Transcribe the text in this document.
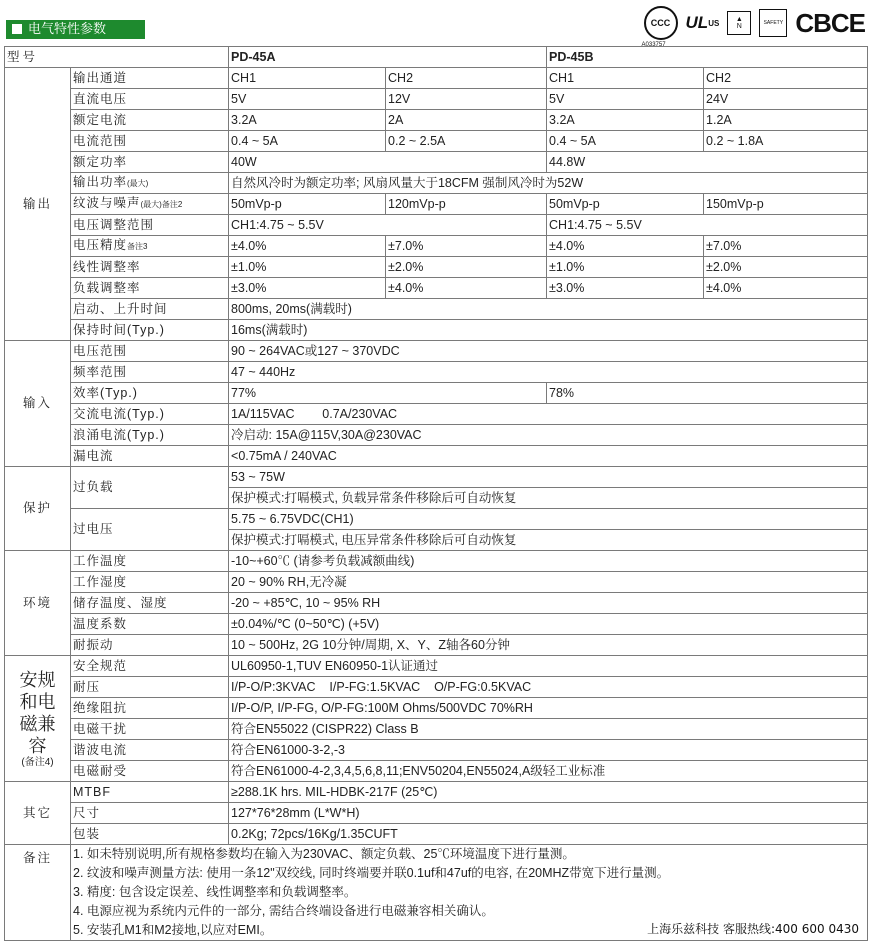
电气特性参数	CCC
A033757
UL US ▲
N	SAFETY CBCE
型号		PD-45A		PD-45B	
输出	输出通道	CH1	CH2	CH1	CH2
	直流电压	5V	12V	5V	24V
	额定电流	3.2A	2A	3.2A	1.2A
	电流范围	0.4 ~ 5A	0.2 ~ 2.5A	0.4 ~ 5A	0.2 ~ 1.8A
	额定功率	40W		44.8W	
	输出功率(最大)	自然风冷时为额定功率; 风扇风量大于18CFM 强制风冷时为52W			
	纹波与噪声(最大)备注2	50mVp-p	120mVp-p	50mVp-p	150mVp-p
	电压调整范围	CH1:4.75 ~ 5.5V		CH1:4.75 ~ 5.5V	
	电压精度备注3	±4.0%	±7.0%	±4.0%	±7.0%
	线性调整率	±1.0%	±2.0%	±1.0%	±2.0%
	负载调整率	±3.0%	±4.0%	±3.0%	±4.0%
	启动、上升时间	800ms, 20ms(满载时)			
	保持时间(Typ.)	16ms(满载时)			
输入	电压范围	90 ~ 264VAC或127 ~ 370VDC			
	频率范围	47 ~ 440Hz			
	效率(Typ.)	77%		78%	
	交流电流(Typ.)	1A/115VAC        0.7A/230VAC			
	浪涌电流(Typ.)	冷启动: 15A@115V,30A@230VAC			
	漏电流	<0.75mA / 240VAC			
保护	过负载	53 ~ 75W			
		保护模式:打嗝模式, 负载异常条件移除后可自动恢复			
	过电压	5.75 ~ 6.75VDC(CH1)			
		保护模式:打嗝模式, 电压异常条件移除后可自动恢复			
环境	工作温度	-10~+60℃ (请参考负载减额曲线)			
	工作湿度	20 ~ 90% RH,无冷凝			
	储存温度、湿度	-20 ~ +85℃, 10 ~ 95% RH			
	温度系数	±0.04%/℃ (0~50℃) (+5V)			
	耐振动	10 ~ 500Hz, 2G 10分钟/周期, X、Y、Z轴各60分钟			

安规和电磁兼容
(备注4)	安全规范	UL60950-1,TUV EN60950-1认证通过			
	耐压	I/P-O/P:3KVAC    I/P-FG:1.5KVAC    O/P-FG:0.5KVAC			
	绝缘阻抗	I/P-O/P, I/P-FG, O/P-FG:100M Ohms/500VDC 70%RH			
	电磁干扰	符合EN55022 (CISPR22) Class B			
	谐波电流	符合EN61000-3-2,-3			
	电磁耐受	符合EN61000-4-2,3,4,5,6,8,11;ENV50204,EN55024,A级轻工业标准			
其它	MTBF	≥288.1K hrs. MIL-HDBK-217F (25℃)			
	尺寸	127*76*28mm (L*W*H)			
	包装	0.2Kg; 72pcs/16Kg/1.35CUFT			
备注	1. 如未特别说明,所有规格参数均在输入为230VAC、额定负载、25℃环境温度下进行量测。
2. 纹波和噪声测量方法: 使用一条12"双绞线, 同时终端要并联0.1uf和47uf的电容, 在20MHZ带宽下进行量测。
3. 精度: 包含设定误差、线性调整率和负载调整率。
4. 电源应视为系统内元件的一部分, 需结合终端设备进行电磁兼容相关确认。
5. 安装孔M1和M2接地,以应对EMI。					上海乐兹科技 客服热线:400 600 0430
